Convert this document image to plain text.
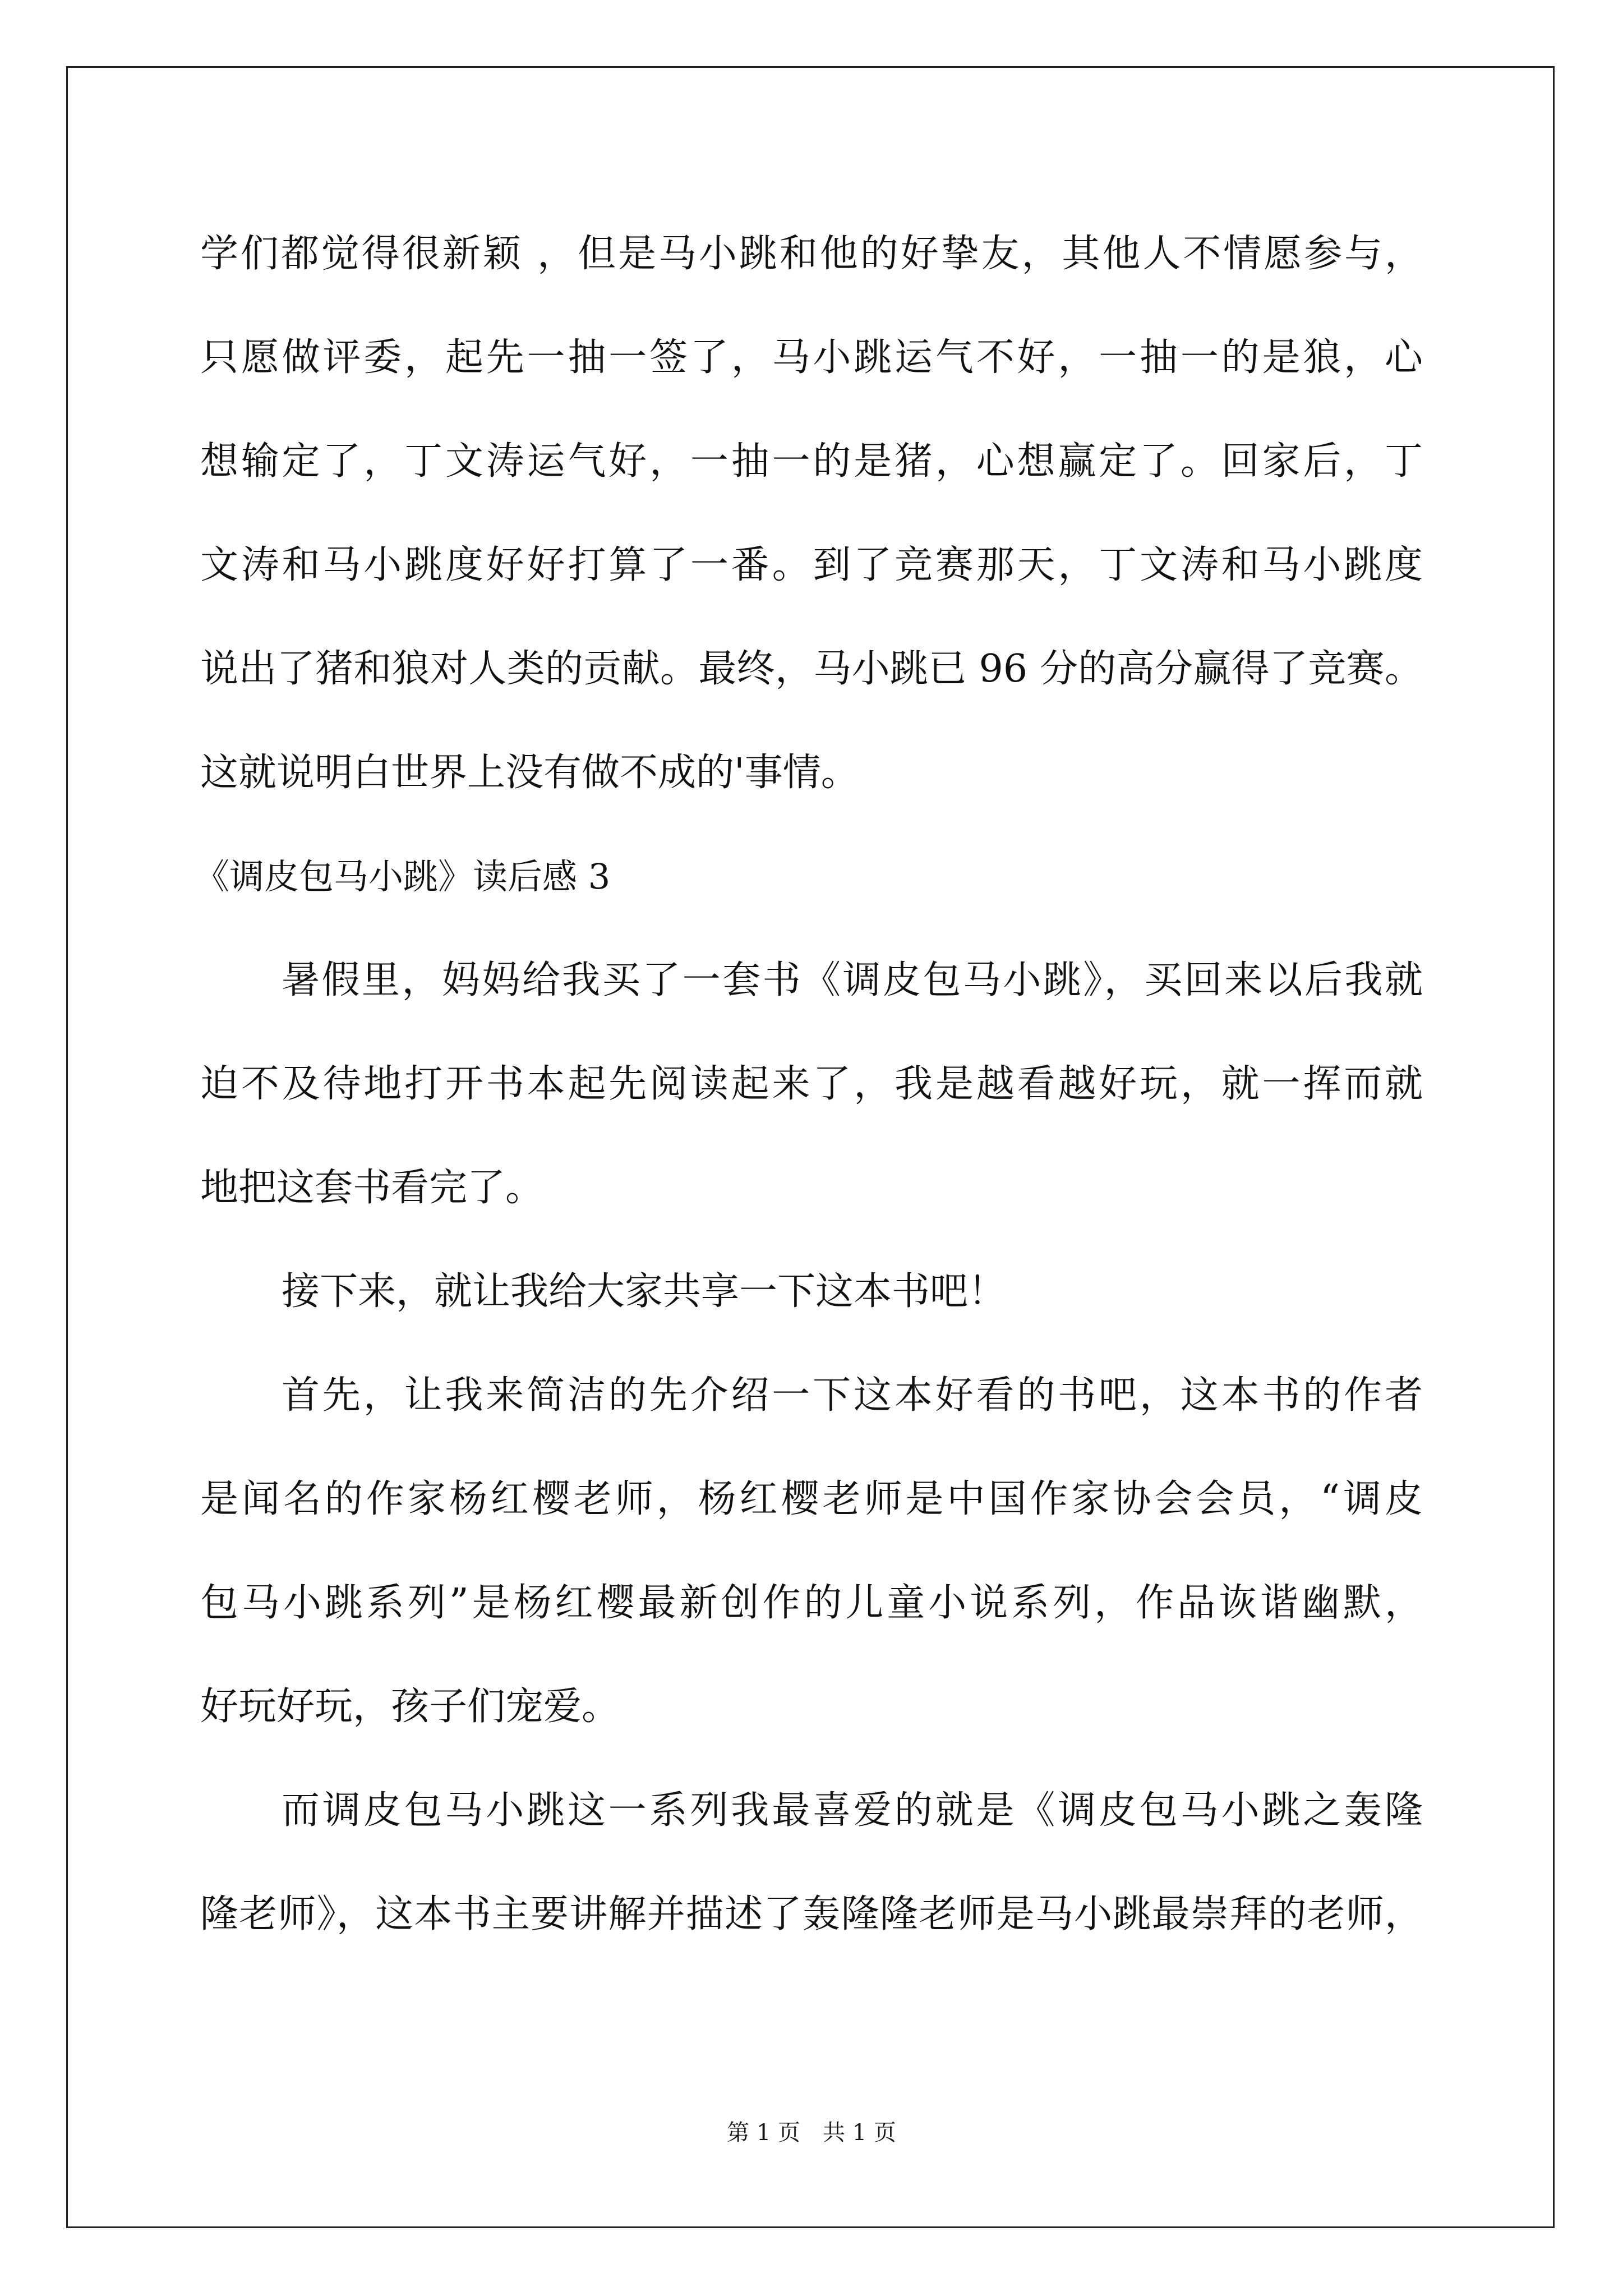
学们都觉得很新颖 ，但是马小跳和他的好挚友，其他人不情愿参与，
只愿做评委，起先一抽一签了，马小跳运气不好，一抽一的是狼，心
想输定了，丁文涛运气好，一抽一的是猪，心想赢定了。回家后，丁
文涛和马小跳度好好打算了一番。到了竞赛那天，丁文涛和马小跳度
说出了猪和狼对人类的贡献。最终，马小跳已 96 分的高分赢得了竞赛。
这就说明白世界上没有做不成的'事情。
《调皮包马小跳》读后感 3
暑假里，妈妈给我买了一套书《调皮包马小跳》，买回来以后我就
迫不及待地打开书本起先阅读起来了，我是越看越好玩，就一挥而就
地把这套书看完了。
接下来，就让我给大家共享一下这本书吧！
首先，让我来简洁的先介绍一下这本好看的书吧，这本书的作者
是闻名的作家杨红樱老师，杨红樱老师是中国作家协会会员，“调皮
包马小跳系列”是杨红樱最新创作的儿童小说系列，作品诙谐幽默，
好玩好玩，孩子们宠爱。
而调皮包马小跳这一系列我最喜爱的就是《调皮包马小跳之轰隆
隆老师》，这本书主要讲解并描述了轰隆隆老师是马小跳最崇拜的老师，
第 1 页　共 1 页
